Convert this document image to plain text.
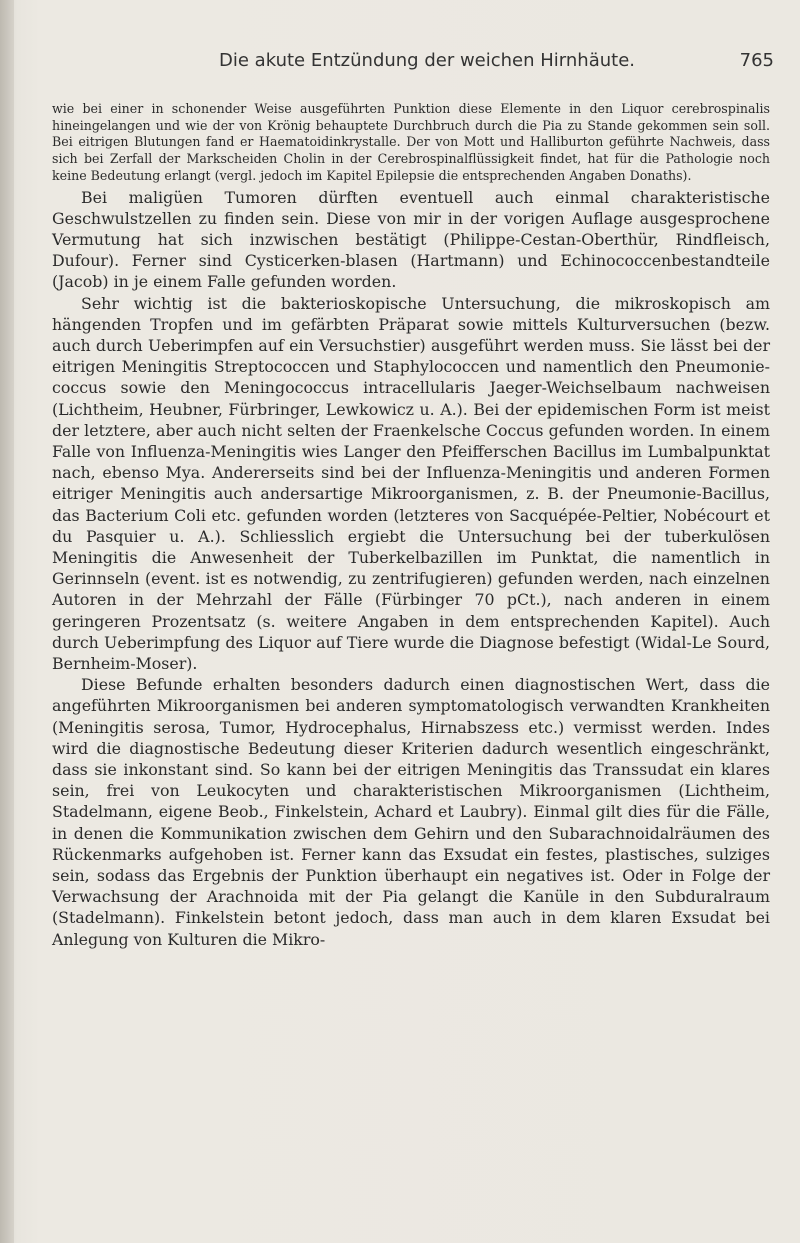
Die akute Entzündung der weichen Hirnhäute.	765

wie bei einer in schonender Weise ausgeführten Punktion diese Elemente in den Liquor cerebrospinalis hineingelangen und wie der von Krönig behauptete Durchbruch durch die Pia zu Stande gekommen sein soll. Bei eitrigen Blutungen fand er Haematoidinkrystalle. Der von Mott und Halliburton geführte Nachweis, dass sich bei Zerfall der Markscheiden Cholin in der Cerebrospinalflüssigkeit findet, hat für die Pathologie noch keine Bedeutung erlangt (vergl. jedoch im Kapitel Epilepsie die entsprechenden Angaben Donaths).

Bei maligüen Tumoren dürften eventuell auch einmal charakteristische Geschwulstzellen zu finden sein. Diese von mir in der vorigen Auflage ausgesprochene Vermutung hat sich inzwischen bestätigt (Philippe-Cestan-Oberthür, Rindfleisch, Dufour). Ferner sind Cysticerken-blasen (Hartmann) und Echinococcenbestandteile (Jacob) in je einem Falle gefunden worden.

Sehr wichtig ist die bakterioskopische Untersuchung, die mikroskopisch am hängenden Tropfen und im gefärbten Präparat sowie mittels Kulturversuchen (bezw. auch durch Ueberimpfen auf ein Versuchstier) ausgeführt werden muss. Sie lässt bei der eitrigen Meningitis Streptococcen und Staphylococcen und namentlich den Pneumonie-coccus sowie den Meningococcus intracellularis Jaeger-Weichselbaum nachweisen (Lichtheim, Heubner, Fürbringer, Lewkowicz u. A.). Bei der epidemischen Form ist meist der letztere, aber auch nicht selten der Fraenkelsche Coccus gefunden worden. In einem Falle von Influenza-Meningitis wies Langer den Pfeifferschen Bacillus im Lumbalpunktat nach, ebenso Mya. Andererseits sind bei der Influenza-Meningitis und anderen Formen eitriger Meningitis auch andersartige Mikroorganismen, z. B. der Pneumonie-Bacillus, das Bacterium Coli etc. gefunden worden (letzteres von Sacquépée-Peltier, Nobécourt et du Pasquier u. A.). Schliesslich ergiebt die Untersuchung bei der tuberkulösen Meningitis die Anwesenheit der Tuberkelbazillen im Punktat, die namentlich in Gerinnseln (event. ist es notwendig, zu zentrifugieren) gefunden werden, nach einzelnen Autoren in der Mehrzahl der Fälle (Fürbinger 70 pCt.), nach anderen in einem geringeren Prozentsatz (s. weitere Angaben in dem entsprechenden Kapitel). Auch durch Ueberimpfung des Liquor auf Tiere wurde die Diagnose befestigt (Widal-Le Sourd, Bernheim-Moser).

Diese Befunde erhalten besonders dadurch einen diagnostischen Wert, dass die angeführten Mikroorganismen bei anderen symptomatologisch verwandten Krankheiten (Meningitis serosa, Tumor, Hydrocephalus, Hirnabszess etc.) vermisst werden. Indes wird die diagnostische Bedeutung dieser Kriterien dadurch wesentlich eingeschränkt, dass sie inkonstant sind. So kann bei der eitrigen Meningitis das Transsudat ein klares sein, frei von Leukocyten und charakteristischen Mikroorganismen (Lichtheim, Stadelmann, eigene Beob., Finkelstein, Achard et Laubry). Einmal gilt dies für die Fälle, in denen die Kommunikation zwischen dem Gehirn und den Subarachnoidalräumen des Rückenmarks aufgehoben ist. Ferner kann das Exsudat ein festes, plastisches, sulziges sein, sodass das Ergebnis der Punktion überhaupt ein negatives ist. Oder in Folge der Verwachsung der Arachnoida mit der Pia gelangt die Kanüle in den Subduralraum (Stadelmann). Finkelstein betont jedoch, dass man auch in dem klaren Exsudat bei Anlegung von Kulturen die Mikro-
